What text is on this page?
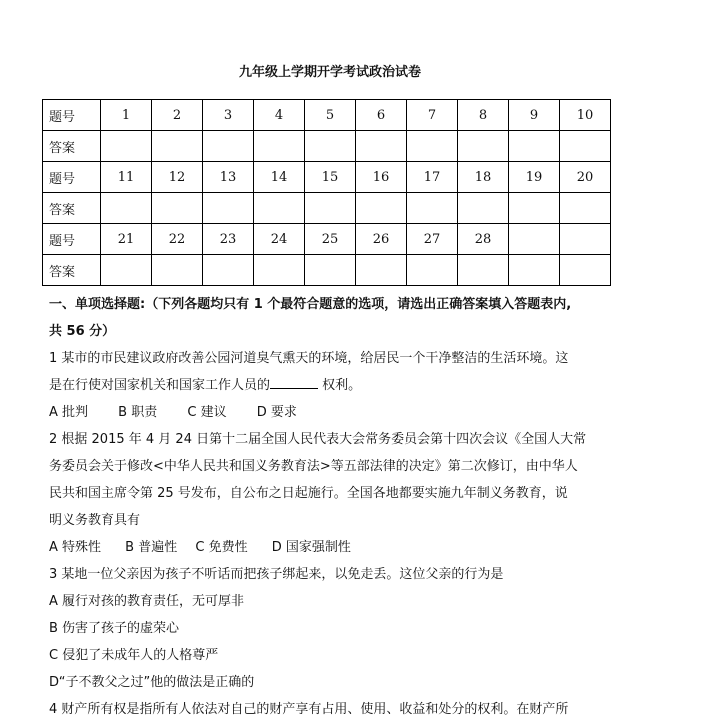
九年级上学期开学考试政治试卷
题号	1	2	3	4	5	6	7	8	9	10
答案										
题号	11	12	13	14	15	16	17	18	19	20
答案										
题号	21	22	23	24	25	26	27	28		
答案										

一、单项选择题:（下列各题均只有 1 个最符合题意的选项，请选出正确答案填入答题表内,

共 56 分）

1 某市的市民建议政府改善公园河道臭气熏天的环境，给居民一个干净整洁的生活环境。这

是在行使对国家机关和国家工作人员的	权利。

A 批判 B 职责 C 建议 D 要求

2 根据 2015 年 4 月 24 日第十二届全国人民代表大会常务委员会第十四次会议《全国人大常

务委员会关于修改<中华人民共和国义务教育法>等五部法律的决定》第二次修订，由中华人

民共和国主席令第 25 号发布，自公布之日起施行。全国各地都要实施九年制义务教育，说

明义务教育具有

A 特殊性 B 普遍性 C 免费性 D 国家强制性

3 某地一位父亲因为孩子不听话而把孩子绑起来，以免走丢。这位父亲的行为是

A 履行对孩的教育责任，无可厚非

B 伤害了孩子的虚荣心

C 侵犯了未成年人的人格尊严

D“子不教父之过”他的做法是正确的

4 财产所有权是指所有人依法对自己的财产享有占用、使用、收益和处分的权利。在财产所
